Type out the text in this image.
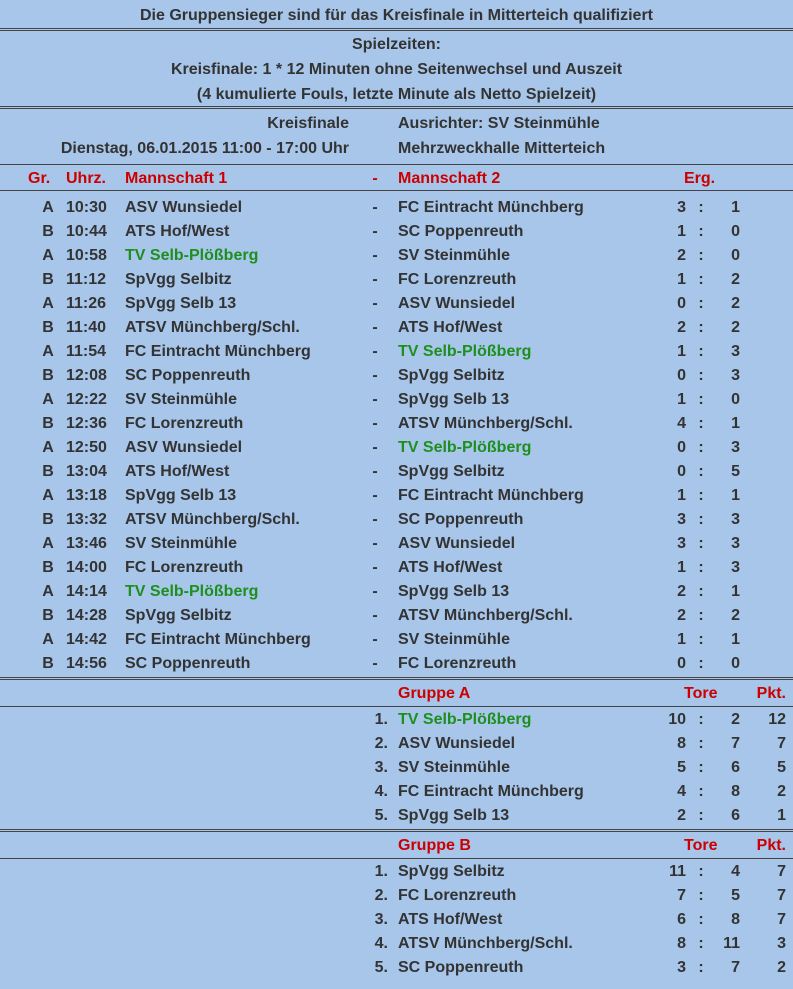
Die Gruppensieger sind für das Kreisfinale in Mitterteich qualifiziert
Spielzeiten:
Kreisfinale: 1 * 12 Minuten ohne Seitenwechsel und Auszeit
(4 kumulierte Fouls, letzte Minute als Netto Spielzeit)
Kreisfinale	Ausrichter: SV Steinmühle
Dienstag, 06.01.2015 11:00 - 17:00 Uhr	Mehrzweckhalle Mitterteich
Gr. Uhrz. Mannschaft 1	- Mannschaft 2	Erg.
A 10:30 ASV Wunsiedel	- FC Eintracht Münchberg	3 :	1
B 10:44 ATS Hof/West	- SC Poppenreuth	1 :	0
A 10:58 TV Selb-Plößberg	- SV Steinmühle	2 :	0
B 11:12 SpVgg Selbitz	- FC Lorenzreuth	1 :	2
A 11:26 SpVgg Selb 13	- ASV Wunsiedel	0 :	2
B 11:40 ATSV Münchberg/Schl.	- ATS Hof/West	2 :	2
A 11:54 FC Eintracht Münchberg	- TV Selb-Plößberg	1 :	3
B 12:08 SC Poppenreuth	- SpVgg Selbitz	0 :	3
A 12:22 SV Steinmühle	- SpVgg Selb 13	1 :	0
B 12:36 FC Lorenzreuth	- ATSV Münchberg/Schl.	4 :	1
A 12:50 ASV Wunsiedel	- TV Selb-Plößberg	0 :	3
B 13:04 ATS Hof/West	- SpVgg Selbitz	0 :	5
A 13:18 SpVgg Selb 13	- FC Eintracht Münchberg	1 :	1
B 13:32 ATSV Münchberg/Schl.	- SC Poppenreuth	3 :	3
A 13:46 SV Steinmühle	- ASV Wunsiedel	3 :	3
B 14:00 FC Lorenzreuth	- ATS Hof/West	1 :	3
A 14:14 TV Selb-Plößberg	- SpVgg Selb 13	2 :	1
B 14:28 SpVgg Selbitz	- ATSV Münchberg/Schl.	2 :	2
A 14:42 FC Eintracht Münchberg	- SV Steinmühle	1 :	1
B 14:56 SC Poppenreuth	- FC Lorenzreuth	0 :	0
Gruppe A	Tore	Pkt.
1. TV Selb-Plößberg	10 :	2	12
2. ASV Wunsiedel	8 :	7	7
3. SV Steinmühle	5 :	6	5
4. FC Eintracht Münchberg	4 :	8	2
5. SpVgg Selb 13	2 :	6	1
Gruppe B	Tore	Pkt.
1. SpVgg Selbitz	11 :	4	7
2. FC Lorenzreuth	7 :	5	7
3. ATS Hof/West	6 :	8	7
4. ATSV Münchberg/Schl.	8 : 11	3
5. SC Poppenreuth	3 :	7	2
